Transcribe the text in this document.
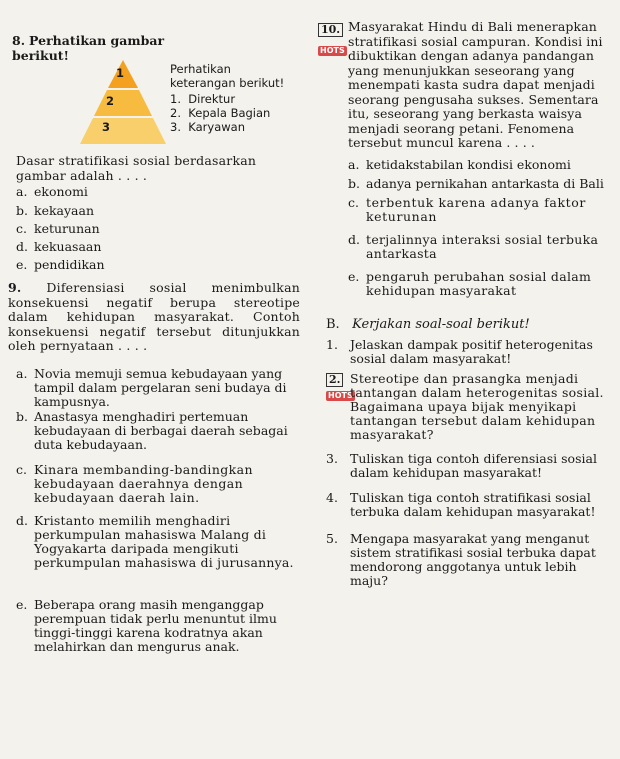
8. Perhatikan gambar berikut!
1
2
3
Perhatikan keterangan berikut!
1.  Direktur
2.  Kepala Bagian
3.  Karyawan
Dasar stratifikasi sosial berdasarkan gambar adalah . . . .
a. ekonomi
b. kekayaan
c. keturunan
d. kekuasaan
e. pendidikan
9. Diferensiasi sosial menimbulkan konsekuensi negatif berupa stereotipe dalam kehidupan masyarakat. Contoh konsekuensi negatif tersebut ditunjukkan oleh pernyataan . . . .
a. Novia memuji semua kebudayaan yang tampil dalam pergelaran seni budaya di kampusnya.
b. Anastasya menghadiri pertemuan kebudayaan di berbagai daerah sebagai duta kebudayaan.
c. Kinara membanding-bandingkan kebudayaan daerahnya dengan kebudayaan daerah lain.
d. Kristanto memilih menghadiri perkumpulan mahasiswa Malang di Yogyakarta daripada mengikuti perkumpulan mahasiswa di jurusannya.
e. Beberapa orang masih menganggap perempuan tidak perlu menuntut ilmu tinggi-tinggi karena kodratnya akan melahirkan dan mengurus anak.
10.
HOTS
Masyarakat Hindu di Bali menerapkan stratifikasi sosial campuran. Kondisi ini dibuktikan dengan adanya pandangan yang menunjukkan seseorang yang menempati kasta sudra dapat menjadi seorang pengusaha sukses. Sementara itu, seseorang yang berkasta waisya menjadi seorang petani. Fenomena tersebut muncul karena . . . .
a. ketidakstabilan kondisi ekonomi
b. adanya pernikahan antarkasta di Bali
c. terbentuk karena adanya faktor keturunan
d. terjalinnya interaksi sosial terbuka antarkasta
e. pengaruh perubahan sosial dalam kehidupan masyarakat
B. Kerjakan soal-soal berikut!
1. Jelaskan dampak positif heterogenitas sosial dalam masyarakat!
2.
HOTSStereotipe dan prasangka menjadi tantangan dalam heterogenitas sosial. Bagaimana upaya bijak menyikapi tantangan tersebut dalam kehidupan masyarakat?
3. Tuliskan tiga contoh diferensiasi sosial dalam kehidupan masyarakat!
4. Tuliskan tiga contoh stratifikasi sosial terbuka dalam kehidupan masyarakat!
5. Mengapa masyarakat yang menganut sistem stratifikasi sosial terbuka dapat mendorong anggotanya untuk lebih maju?
